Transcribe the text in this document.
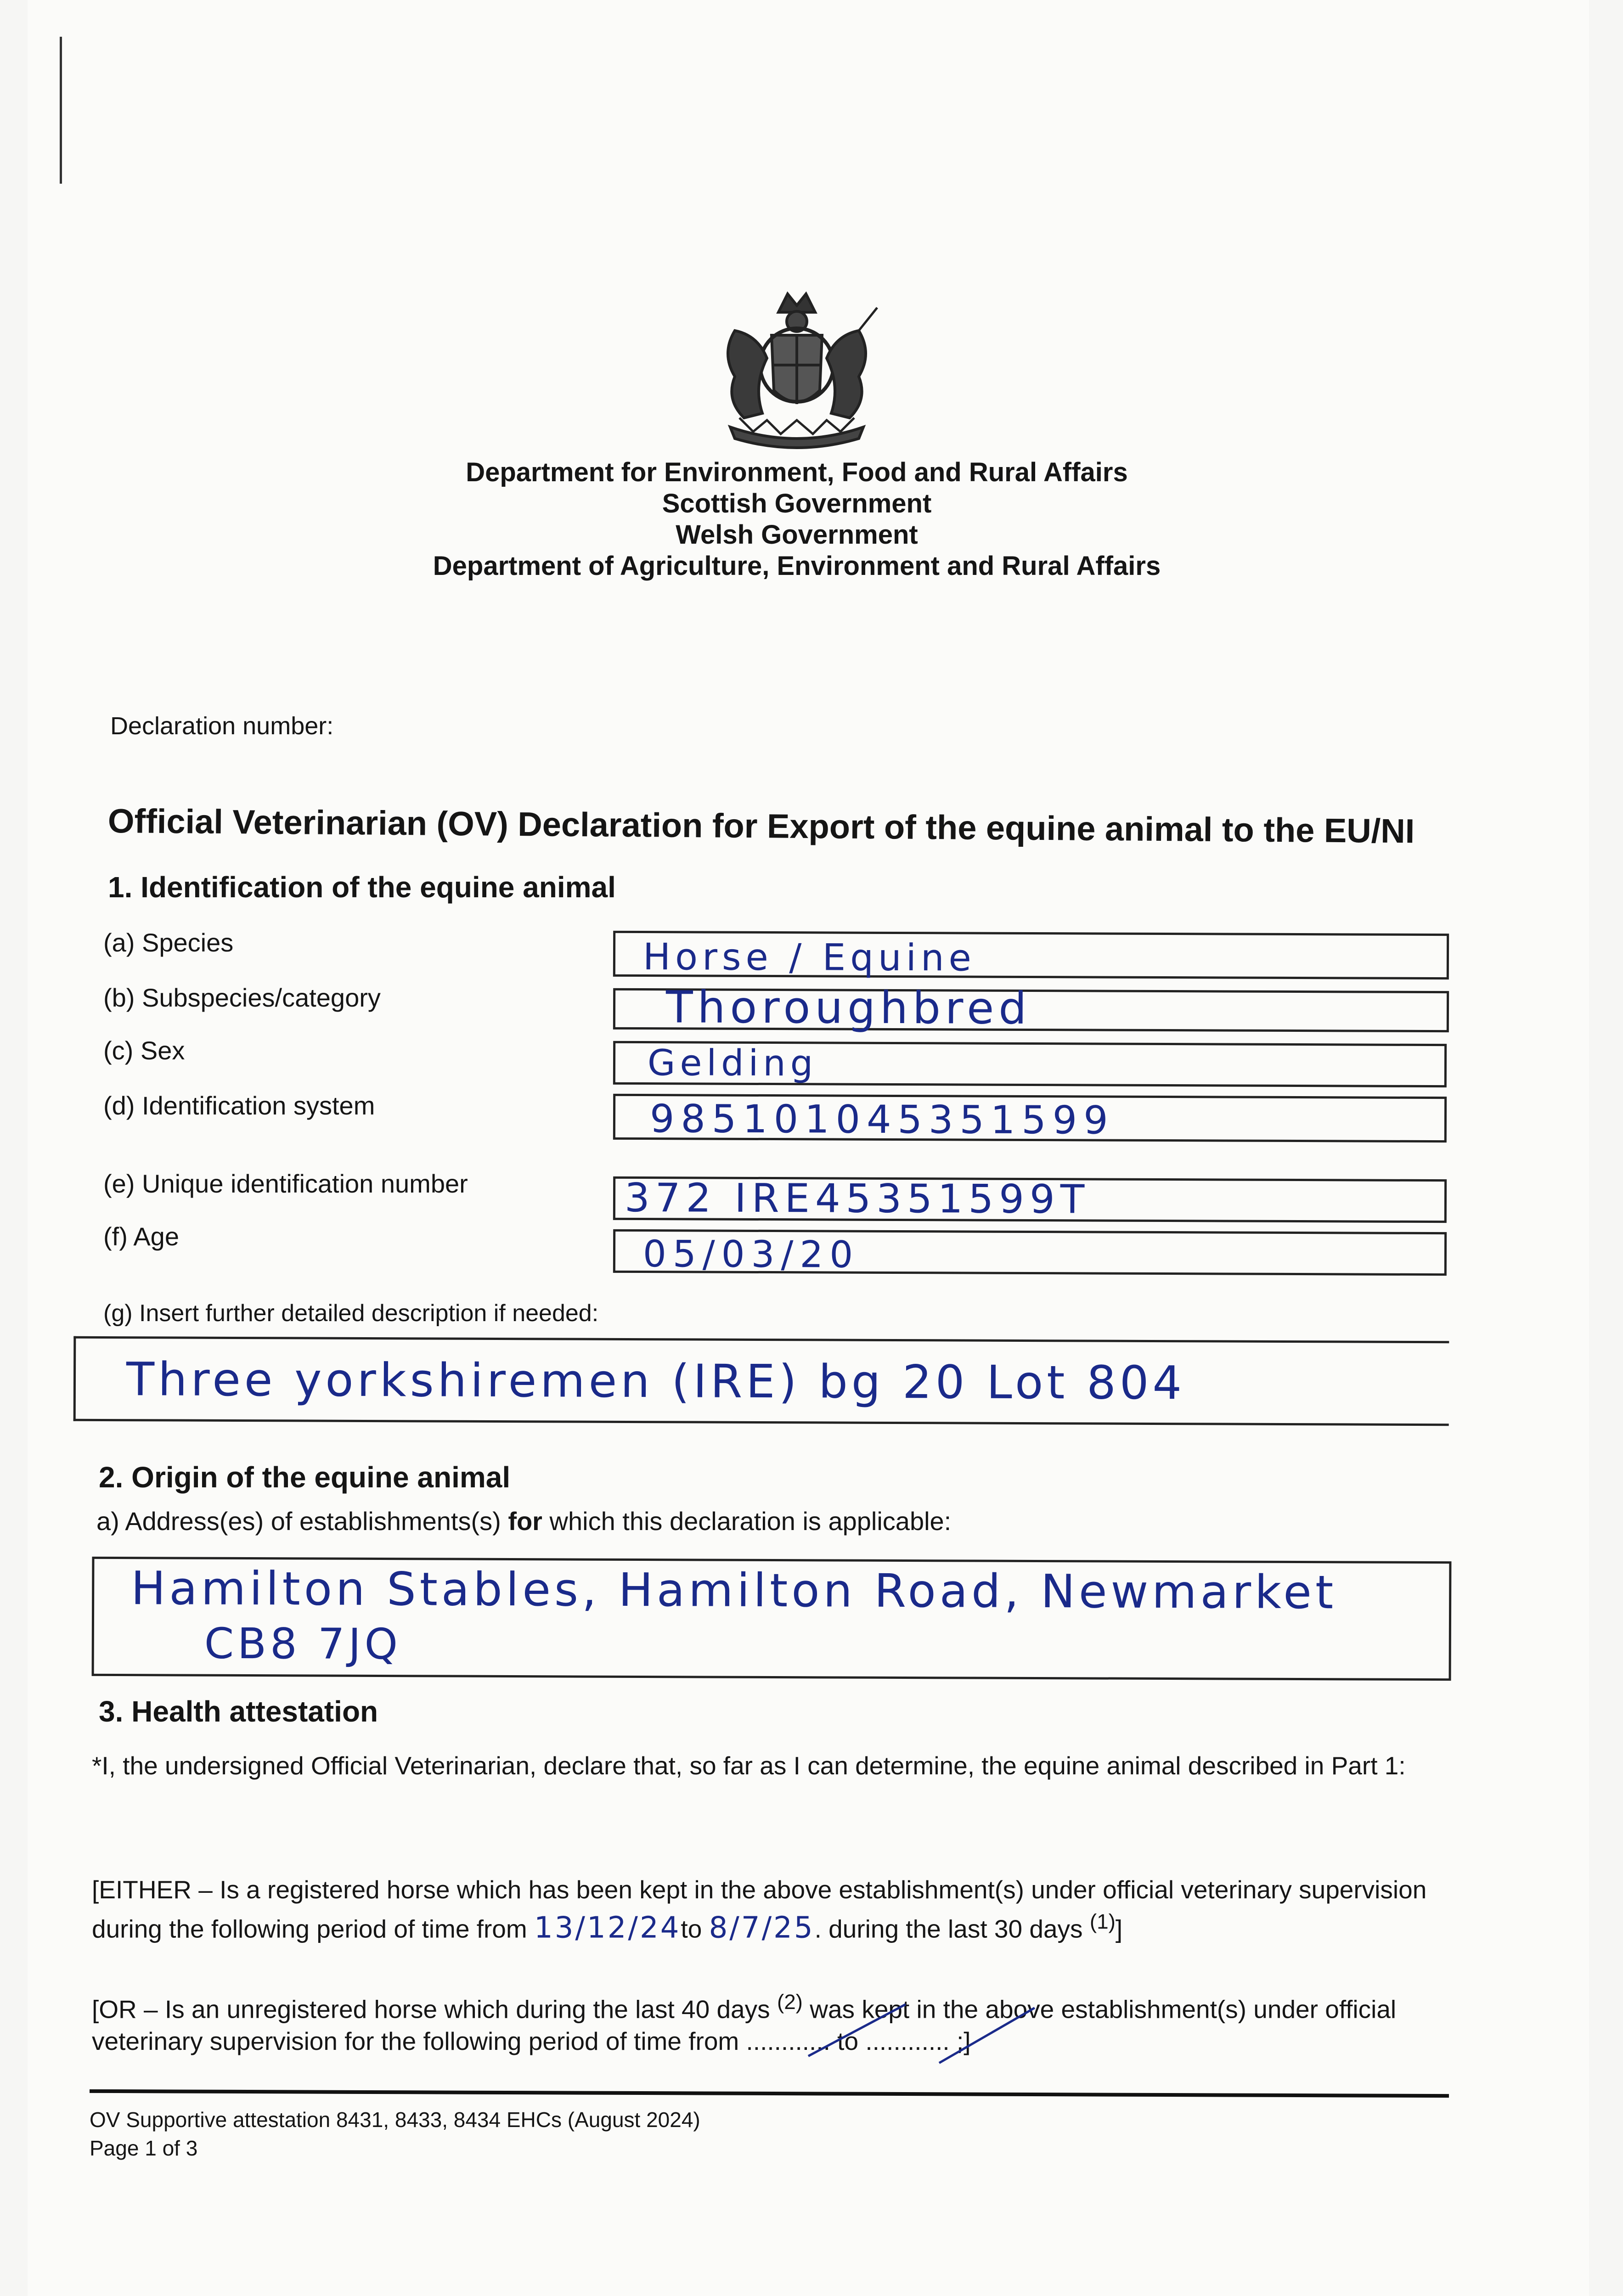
Department for Environment, Food and Rural Affairs
Scottish Government
Welsh Government
Department of Agriculture, Environment and Rural Affairs
Declaration number:
Official Veterinarian (OV) Declaration for Export of the equine animal to the EU/NI
1. Identification of the equine animal
(a) Species	Horse / Equine
(b) Subspecies/category	Thoroughbred
(c) Sex	Gelding
(d) Identification system	985101045351599
(e) Unique identification number	372 IRE45351599T
(f) Age	05/03/20
(g) Insert further detailed description if needed:
Three yorkshiremen (IRE) bg 20 Lot 804
2. Origin of the equine animal
a) Address(es) of establishments(s) for which this declaration is applicable:
Hamilton Stables, Hamilton Road, Newmarket
CB8 7JQ
3. Health attestation
*I, the undersigned Official Veterinarian, declare that, so far as I can determine, the equine animal described in Part 1:
[EITHER – Is a registered horse which has been kept in the above establishment(s) under official veterinary supervision during the following period of time from 13/12/24to 8/7/25. during the last 30 days $^{(1)}$]
[OR – Is an unregistered horse which during the last 40 days $^{(2)}$ was kept in the above establishment(s) under official veterinary supervision for the following period of time from ............ to ............ ;]
OV Supportive attestation 8431, 8433, 8434 EHCs (August 2024)
Page 1 of 3
